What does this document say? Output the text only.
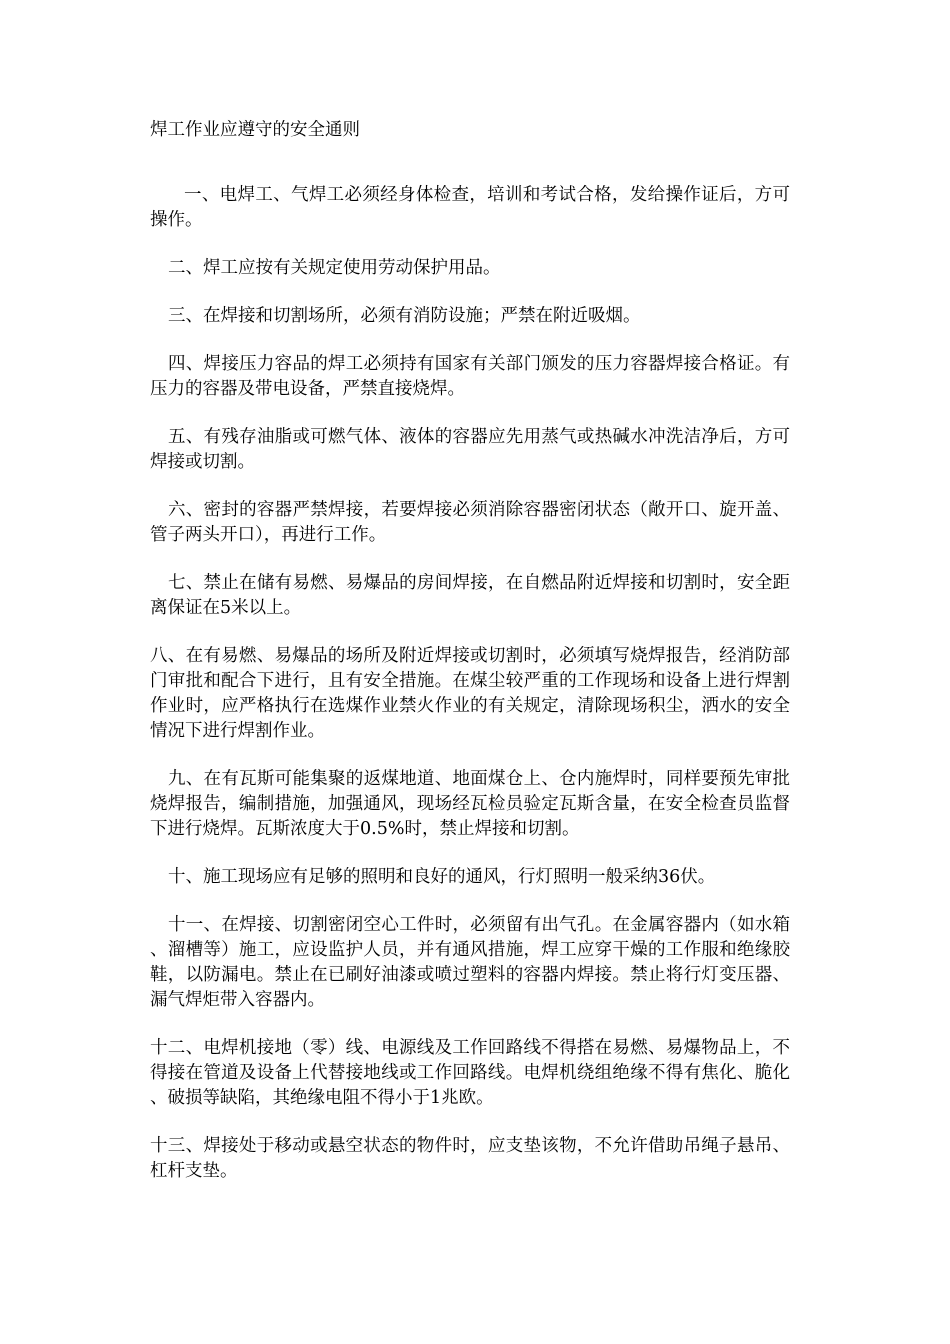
焊工作业应遵守的安全通则

一、电焊工、气焊工必须经身体检查，培训和考试合格，发给操作证后，方可操作。

二、焊工应按有关规定使用劳动保护用品。

三、在焊接和切割场所，必须有消防设施；严禁在附近吸烟。

四、焊接压力容品的焊工必须持有国家有关部门颁发的压力容器焊接合格证。有压力的容器及带电设备，严禁直接烧焊。

五、有残存油脂或可燃气体、液体的容器应先用蒸气或热碱水冲洗洁净后，方可焊接或切割。

六、密封的容器严禁焊接，若要焊接必须消除容器密闭状态（敞开口、旋开盖、管子两头开口），再进行工作。

七、禁止在储有易燃、易爆品的房间焊接，在自燃品附近焊接和切割时，安全距离保证在5米以上。

八、在有易燃、易爆品的场所及附近焊接或切割时，必须填写烧焊报告，经消防部门审批和配合下进行，且有安全措施。在煤尘较严重的工作现场和设备上进行焊割作业时，应严格执行在选煤作业禁火作业的有关规定，清除现场积尘，洒水的安全情况下进行焊割作业。

九、在有瓦斯可能集聚的返煤地道、地面煤仓上、仓内施焊时，同样要预先审批烧焊报告，编制措施，加强通风，现场经瓦检员验定瓦斯含量，在安全检查员监督下进行烧焊。瓦斯浓度大于0.5%时，禁止焊接和切割。

十、施工现场应有足够的照明和良好的通风，行灯照明一般采纳36伏。

十一、在焊接、切割密闭空心工件时，必须留有出气孔。在金属容器内（如水箱、溜槽等）施工，应设监护人员，并有通风措施，焊工应穿干燥的工作服和绝缘胶鞋，以防漏电。禁止在已刷好油漆或喷过塑料的容器内焊接。禁止将行灯变压器、漏气焊炬带入容器内。

十二、电焊机接地（零）线、电源线及工作回路线不得搭在易燃、易爆物品上，不得接在管道及设备上代替接地线或工作回路线。电焊机绕组绝缘不得有焦化、脆化、破损等缺陷，其绝缘电阻不得小于1兆欧。

十三、焊接处于移动或悬空状态的物件时，应支垫该物，不允许借助吊绳子悬吊、杠杆支垫。
